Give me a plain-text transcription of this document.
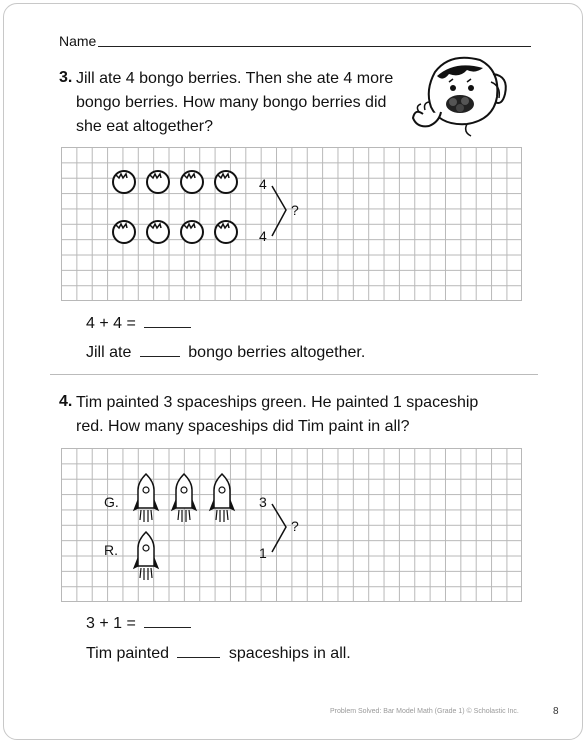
Name
3. Jill ate 4 bongo berries. Then she ate 4 more bongo berries. How many bongo berries did she eat altogether?
4
4
?
4 + 4 =
Jill ate	bongo berries altogether.
4. Tim painted 3 spaceships green. He painted 1 spaceship red. How many spaceships did Tim paint in all?
G.
R.
3
1
?
3 + 1 =
Tim painted	spaceships in all.
Problem Solved: Bar Model Math (Grade 1) © Scholastic Inc.	8
